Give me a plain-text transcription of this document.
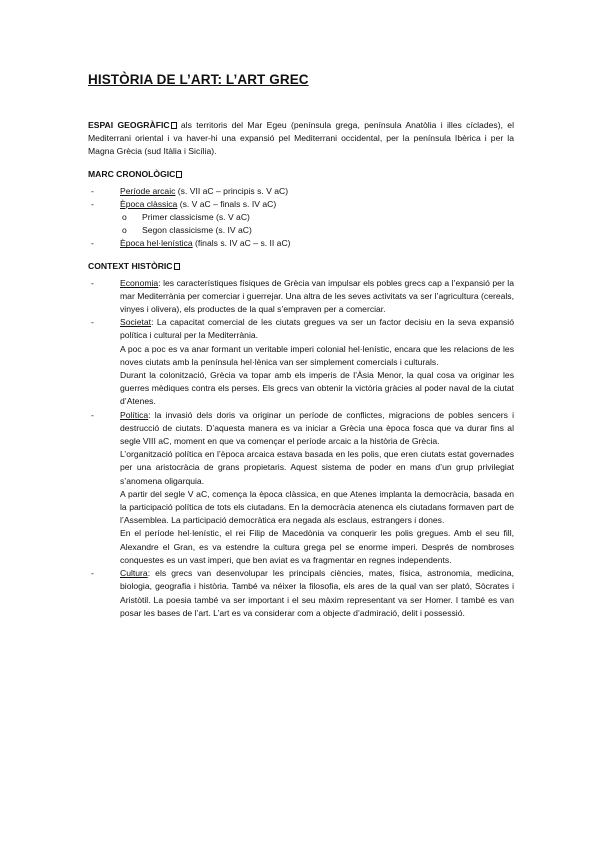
HISTÒRIA DE L’ART: L’ART GREC

ESPAI GEOGRÀFIC als territoris del Mar Egeu (península grega, península Anatòlia i illes cíclades), el Mediterrani oriental i va haver-hi una expansió pel Mediterrani occidental, per la península Ibèrica i per la Magna Grècia (sud Itàlia i Sicília).

MARC CRONOLÒGIC
-	Període arcaic (s. VII aC – principis s. V aC)
-	Època clàssica (s. V aC – finals s. IV aC)
o	Primer classicisme (s. V aC)
o	Segon classicisme (s. IV aC)
-	Època hel·lenística (finals s. IV aC – s. II aC)
CONTEXT HISTÒRIC
-	Economia: les característiques físiques de Grècia van impulsar els pobles grecs cap a l’expansió per la mar Mediterrània per comerciar i guerrejar. Una altra de les seves activitats va ser l’agricultura (cereals, vinyes i olivera), els productes de la qual s’empraven per a comerciar.

-	Societat: La capacitat comercial de les ciutats gregues va ser un factor decisiu en la seva expansió política i cultural per la Mediterrània.

A poc a poc es va anar formant un veritable imperi colonial hel·lenístic, encara que les relacions de les noves ciutats amb la península hel·lènica van ser simplement comercials i culturals.

Durant la colonització, Grècia va topar amb els imperis de l’Àsia Menor, la qual cosa va originar les guerres mèdiques contra els perses. Els grecs van obtenir la victòria gràcies al poder naval de la ciutat d’Atenes.

-	Política: la invasió dels doris va originar un període de conflictes, migracions de pobles sencers i destrucció de ciutats. D’aquesta manera es va iniciar a Grècia una època fosca que va durar fins al segle VIII aC, moment en que va començar el període arcaic a la història de Grècia.

L’organització política en l’època arcaica estava basada en les polis, que eren ciutats estat governades per una aristocràcia de grans propietaris. Aquest sistema de poder en mans d’un grup privilegiat s’anomena oligarquia.

A partir del segle V aC, comença la època clàssica, en que Atenes implanta la democràcia, basada en la participació política de tots els ciutadans. En la democràcia atenenca els ciutadans formaven part de l’Assemblea. La participació democràtica era negada als esclaus, estrangers i dones.

En el període hel·lenístic, el rei Filip de Macedònia va conquerir les polis gregues. Amb el seu fill, Alexandre el Gran, es va estendre la cultura grega pel se enorme imperi. Després de nombroses conquestes es un vast imperi, que ben aviat es va fragmentar en regnes independents.

-	Cultura: els grecs van desenvolupar les principals ciències, mates, física, astronomia, medicina, biologia, geografia i història. També va néixer la filosofia, els ares de la qual van ser plató, Sòcrates i Aristòtil. La poesia també va ser important i el seu màxim representant va ser Homer. I també es van posar les bases de l’art. L’art es va considerar com a objecte d’admiració, delit i possessió.
